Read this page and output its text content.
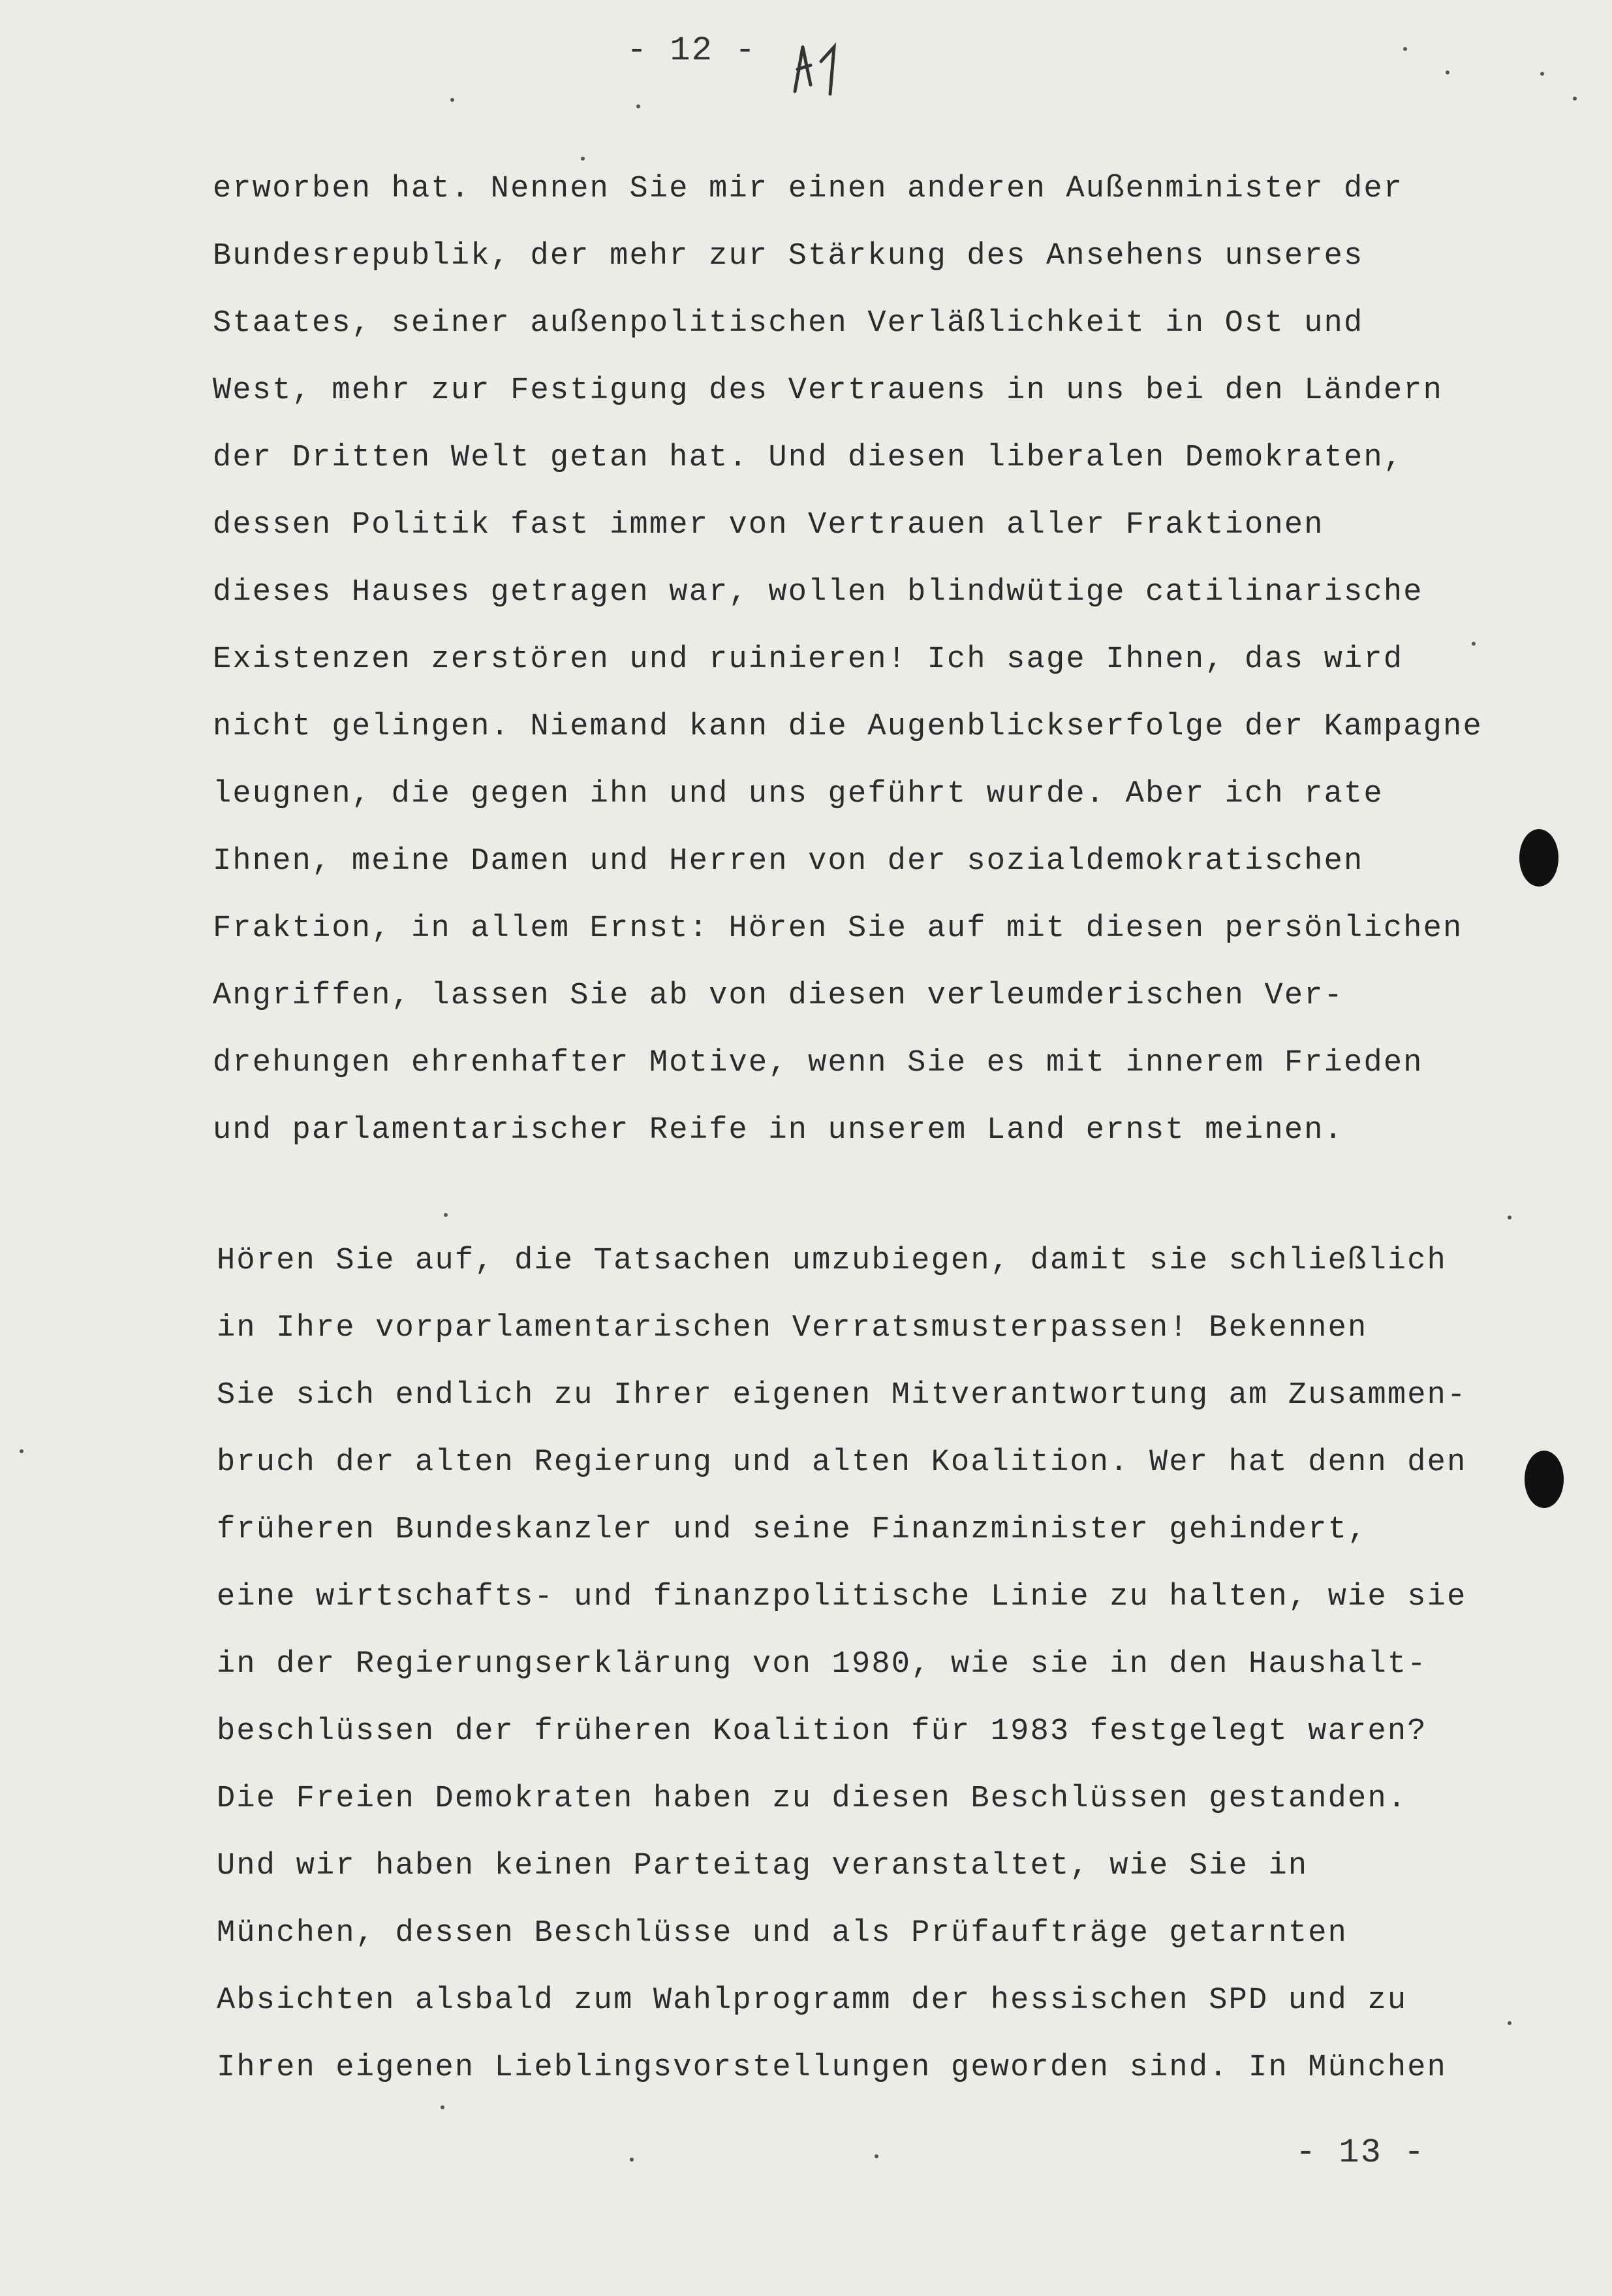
- 12 -
erworben hat. Nennen Sie mir einen anderen Außenminister der
Bundesrepublik, der mehr zur Stärkung des Ansehens unseres
Staates, seiner außenpolitischen Verläßlichkeit in Ost und
West, mehr zur Festigung des Vertrauens in uns bei den Ländern
der Dritten Welt getan hat. Und diesen liberalen Demokraten,
dessen Politik fast immer von Vertrauen aller Fraktionen
dieses Hauses getragen war, wollen blindwütige catilinarische
Existenzen zerstören und ruinieren! Ich sage Ihnen, das wird
nicht gelingen. Niemand kann die Augenblickserfolge der Kampagne
leugnen, die gegen ihn und uns geführt wurde. Aber ich rate
Ihnen, meine Damen und Herren von der sozialdemokratischen
Fraktion, in allem Ernst: Hören Sie auf mit diesen persönlichen
Angriffen, lassen Sie ab von diesen verleumderischen Ver-
drehungen ehrenhafter Motive, wenn Sie es mit innerem Frieden
und parlamentarischer Reife in unserem Land ernst meinen.
Hören Sie auf, die Tatsachen umzubiegen, damit sie schließlich
in Ihre vorparlamentarischen Verratsmusterpassen! Bekennen
Sie sich endlich zu Ihrer eigenen Mitverantwortung am Zusammen-
bruch der alten Regierung und alten Koalition. Wer hat denn den
früheren Bundeskanzler und seine Finanzminister gehindert,
eine wirtschafts- und finanzpolitische Linie zu halten, wie sie
in der Regierungserklärung von 1980, wie sie in den Haushalt-
beschlüssen der früheren Koalition für 1983 festgelegt waren?
Die Freien Demokraten haben zu diesen Beschlüssen gestanden.
Und wir haben keinen Parteitag veranstaltet, wie Sie in
München, dessen Beschlüsse und als Prüfaufträge getarnten
Absichten alsbald zum Wahlprogramm der hessischen SPD und zu
Ihren eigenen Lieblingsvorstellungen geworden sind. In München
- 13 -
